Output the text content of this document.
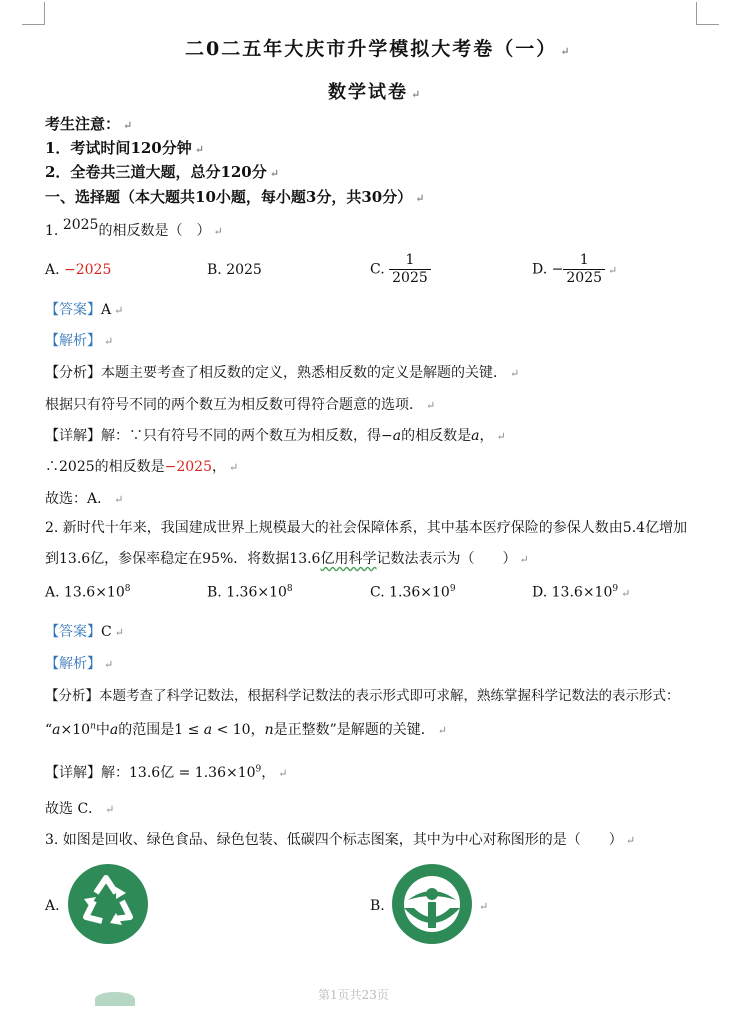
二0二五年大庆市升学模拟大考卷（一） ↵
数学试卷 ↵
考生注意： ↵
1．考试时间120分钟 ↵
2．全卷共三道大题，总分120分 ↵
一、选择题（本大题共10小题，每小题3分，共30分） ↵
1. 2025的相反数是（　） ↵
A. −2025	B. 2025	C. $\frac{1}{2025}$	D. − $\frac{1}{2025}$ ↵
【答案】A ↵
【解析】 ↵
【分析】本题主要考查了相反数的定义，熟悉相反数的定义是解题的关键． ↵
根据只有符号不同的两个数互为相反数可得符合题意的选项． ↵
【详解】解：∵只有符号不同的两个数互为相反数，得−a的相反数是a， ↵
∴2025的相反数是−2025， ↵
故选：A． ↵
2. 新时代十年来，我国建成世界上规模最大的社会保障体系，其中基本医疗保险的参保人数由5.4亿增加
到13.6亿，参保率稳定在95%．将数据13.6亿用科学记数法表示为（　　） ↵
A. $13.6\times 10^8$	B. $1.36\times 10^8$	C. $1.36\times 10^9$	D. $13.6\times 10^9$ ↵
【答案】C ↵
【解析】 ↵
【分析】本题考查了科学记数法，根据科学记数法的表示形式即可求解，熟练掌握科学记数法的表示形式：
“$a\times 10^n$中a的范围是1 ≤ a < 10，n是正整数”是解题的关键． ↵
【详解】解：13.6亿 = $1.36\times 10^9$， ↵
故选 C． ↵
3. 如图是回收、绿色食品、绿色包装、低碳四个标志图案，其中为中心对称图形的是（　　） ↵
A.	B.	↵
第1页共23页
